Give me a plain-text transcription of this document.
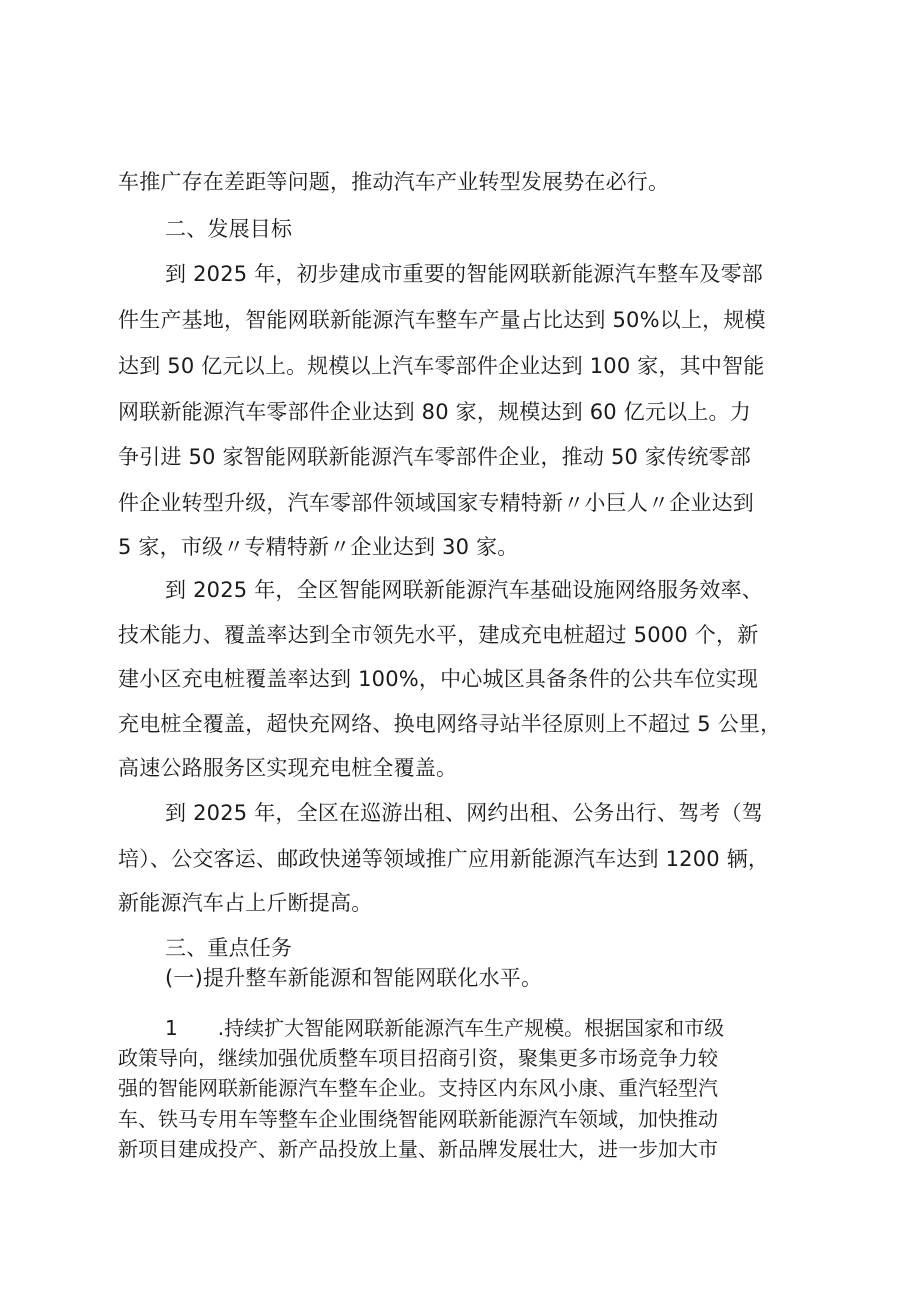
车推广存在差距等问题，推动汽车产业转型发展势在必行。
二、发展目标
到 2025 年，初步建成市重要的智能网联新能源汽车整车及零部
件生产基地，智能网联新能源汽车整车产量占比达到 50%以上，规模
达到 50 亿元以上。规模以上汽车零部件企业达到 100 家，其中智能
网联新能源汽车零部件企业达到 80 家，规模达到 60 亿元以上。力
争引进 50 家智能网联新能源汽车零部件企业，推动 50 家传统零部
件企业转型升级，汽车零部件领域国家专精特新〃小巨人〃企业达到
5 家，市级〃专精特新〃企业达到 30 家。
到 2025 年，全区智能网联新能源汽车基础设施网络服务效率、
技术能力、覆盖率达到全市领先水平，建成充电桩超过 5000 个，新
建小区充电桩覆盖率达到 100%，中心城区具备条件的公共车位实现
充电桩全覆盖，超快充网络、换电网络寻站半径原则上不超过 5 公里，
高速公路服务区实现充电桩全覆盖。
到 2025 年，全区在巡游出租、网约出租、公务出行、驾考（驾
培）、公交客运、邮政快递等领域推广应用新能源汽车达到 1200 辆，
新能源汽车占上斤断提高。
三、重点任务
(一)提升整车新能源和智能网联化水平。
1　　.持续扩大智能网联新能源汽车生产规模。根据国家和市级
政策导向，继续加强优质整车项目招商引资，聚集更多市场竞争力较
强的智能网联新能源汽车整车企业。支持区内东风小康、重汽轻型汽
车、铁马专用车等整车企业围绕智能网联新能源汽车领域，加快推动
新项目建成投产、新产品投放上量、新品牌发展壮大，进一步加大市
